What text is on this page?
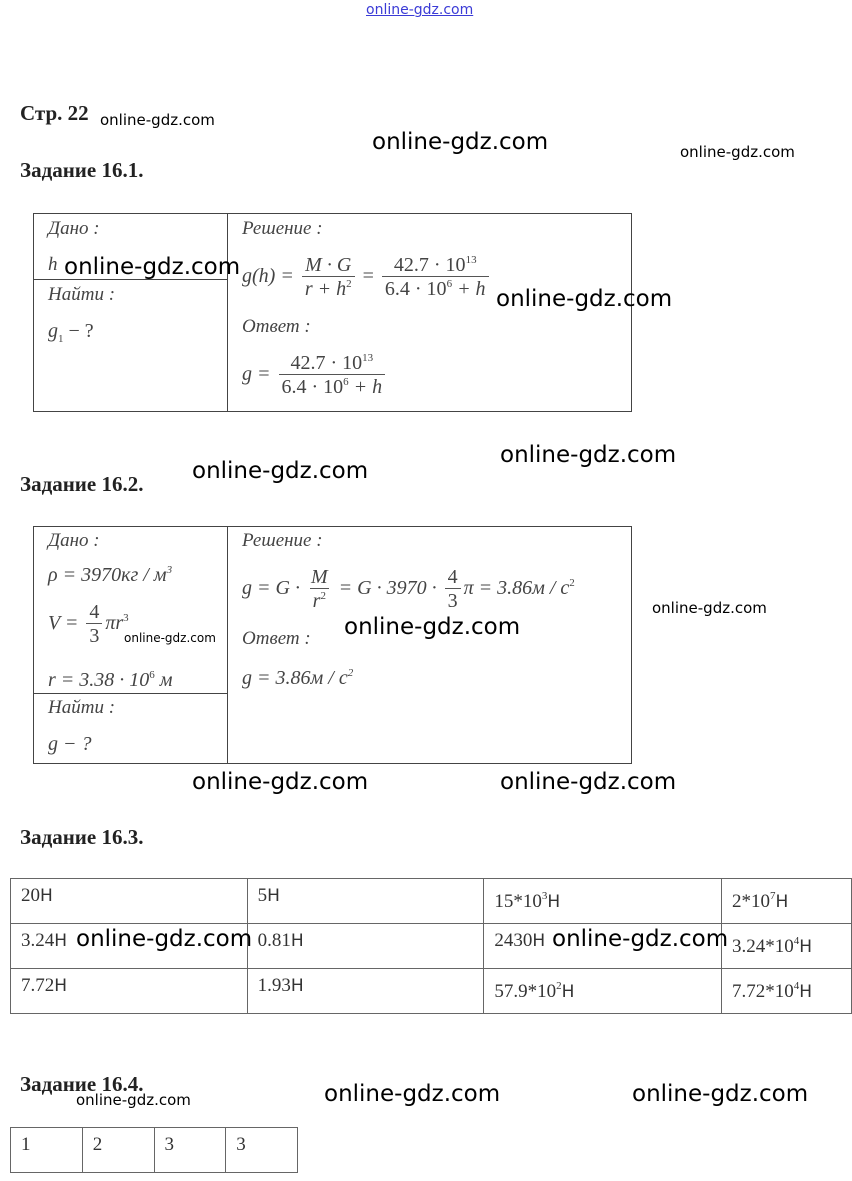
online-gdz.com
Стр. 22
Задание 16.1.
Дано :
h
Найти :
$g_1$ − ?
Решение :
$g(h) = \frac{M \cdot G}{r + h^2} = \frac{42.7 \cdot 10^{13}}{6.4 \cdot 10^6 + h}$
Ответ :
$g = \frac{42.7 \cdot 10^{13}}{6.4 \cdot 10^6 + h}$
Задание 16.2.
Дано :
$\rho = 3970кг / м^3$
$V = \frac{4}{3} \pi r^3$
$r = 3.38 \cdot 10^6$ м
Найти :
g − ?
Решение :
$g = G \cdot \frac{M}{r^2} = G \cdot 3970 \cdot \frac{4}{3}$ $\pi = 3.86м / с^2$
Ответ :
$g = 3.86м / с^2$
Задание 16.3.
20Н	5Н	$15*10^3Н$	$2*10^7Н$
3.24Н	0.81Н	2430Н	$3.24*10^4Н$
7.72Н	1.93Н	$57.9*10^2Н$	$7.72*10^4Н$
Задание 16.4.
1	2	3	3
online-gdz.com
online-gdz.com	online-gdz.com
online-gdz.com
online-gdz.com
online-gdz.com
online-gdz.com
online-gdz.com
online-gdz.com
online-gdz.com
online-gdz.com	online-gdz.com
online-gdz.com	online-gdz.com
online-gdz.com	online-gdz.com	online-gdz.com
